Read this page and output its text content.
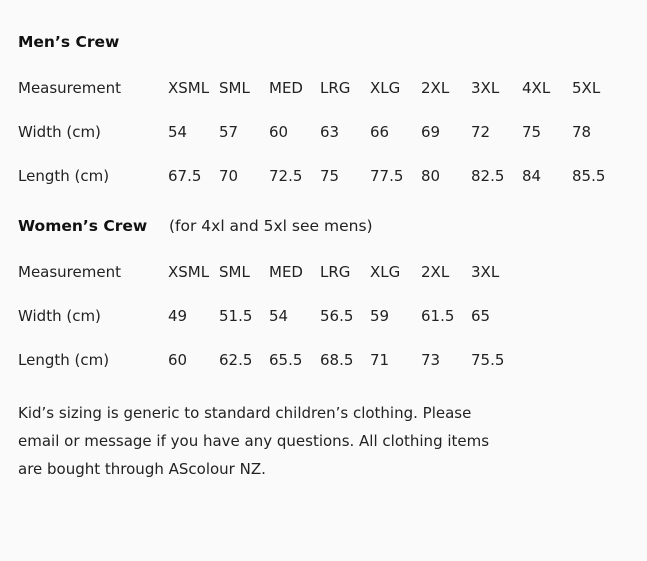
Men’s Crew
Measurement	XSML SML MED LRG XLG 2XL 3XL 4XL 5XL
Width (cm)	54 57 60 63 66 69 72 75 78
Length (cm)	67.5 70 72.5 75 77.5 80 82.5 84 85.5
Women’s Crew (for 4xl and 5xl see mens)
Measurement	XSML SML MED LRG XLG 2XL 3XL
Width (cm)	49 51.5 54 56.5 59 61.5 65
Length (cm)	60 62.5 65.5 68.5 71 73 75.5
Kid’s sizing is generic to standard children’s clothing. Please
email or message if you have any questions. All clothing items
are bought through AScolour NZ.
